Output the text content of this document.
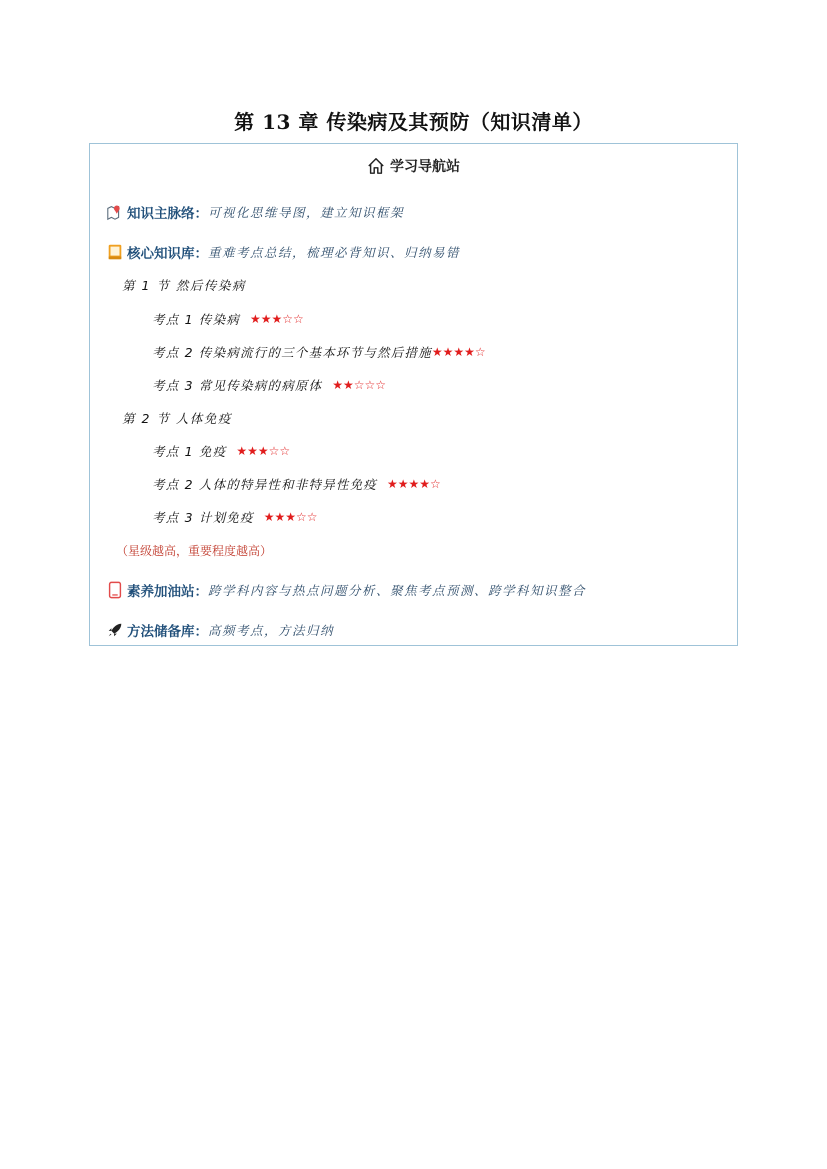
第 13 章 传染病及其预防（知识清单）
学习导航站
知识主脉络： 可视化思维导图，建立知识框架
核心知识库： 重难考点总结，梳理必背知识、归纳易错
第 1 节 然后传染病
考点 1 传染病 ★★★☆☆
考点 2 传染病流行的三个基本环节与然后措施 ★★★★☆
考点 3 常见传染病的病原体 ★★☆☆☆
第 2 节 人体免疫
考点 1 免疫 ★★★☆☆
考点 2 人体的特异性和非特异性免疫 ★★★★☆
考点 3 计划免疫 ★★★☆☆
（星级越高，重要程度越高）
素养加油站： 跨学科内容与热点问题分析、聚焦考点预测、跨学科知识整合
方法储备库： 高频考点，方法归纳
